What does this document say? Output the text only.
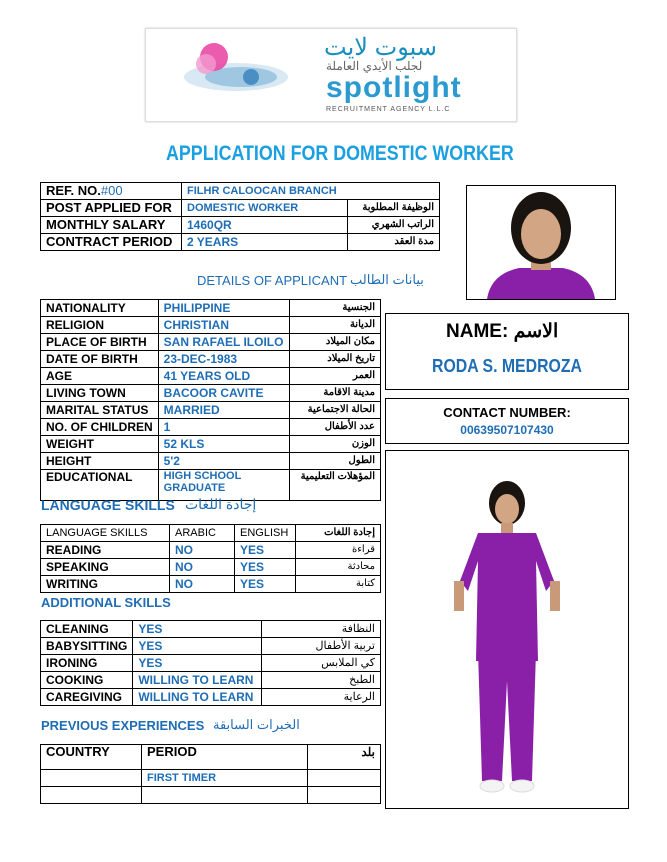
سبوت لايت
لجلب الأيدي العاملة
spotlight
RECRUITMENT AGENCY L.L.C
APPLICATION FOR DOMESTIC WORKER
REF. NO.#00	FILHR CALOOCAN BRANCH	
POST APPLIED FOR	DOMESTIC WORKER	الوظيفة المطلوبة
MONTHLY SALARY	1460QR	الراتب الشهري
CONTRACT PERIOD	2 YEARS	مدة العقد
DETAILS OF APPLICANT بيانات الطالب
NATIONALITY	PHILIPPINE	الجنسية
RELIGION	CHRISTIAN	الديانة
PLACE OF BIRTH	SAN RAFAEL ILOILO	مكان الميلاد
DATE OF BIRTH	23-DEC-1983	تاريخ الميلاد
AGE	41 YEARS OLD	العمر
LIVING TOWN	BACOOR CAVITE	مدينة الاقامة
MARITAL STATUS	MARRIED	الحالة الاجتماعية
NO. OF CHILDREN	1	عدد الأطفال
WEIGHT	52 KLS	الوزن
HEIGHT	5'2	الطول
EDUCATIONAL	HIGH SCHOOL GRADUATE	المؤهلات التعليمية
NAME: الاسم
RODA S. MEDROZA
CONTACT NUMBER:
00639507107430
LANGUAGE SKILLS إجادة اللغات
LANGUAGE SKILLS	ARABIC	ENGLISH	إجادة اللغات
READING	NO	YES	قراءة
SPEAKING	NO	YES	محادثة
WRITING	NO	YES	كتابة
ADDITIONAL SKILLS
CLEANING	YES	النظافة
BABYSITTING	YES	تربية الأطفال
IRONING	YES	كي الملابس
COOKING	WILLING TO LEARN	الطبخ
CAREGIVING	WILLING TO LEARN	الرعاية
PREVIOUS EXPERIENCES الخبرات السابقة
COUNTRY	PERIOD	بلد
	FIRST TIMER	
